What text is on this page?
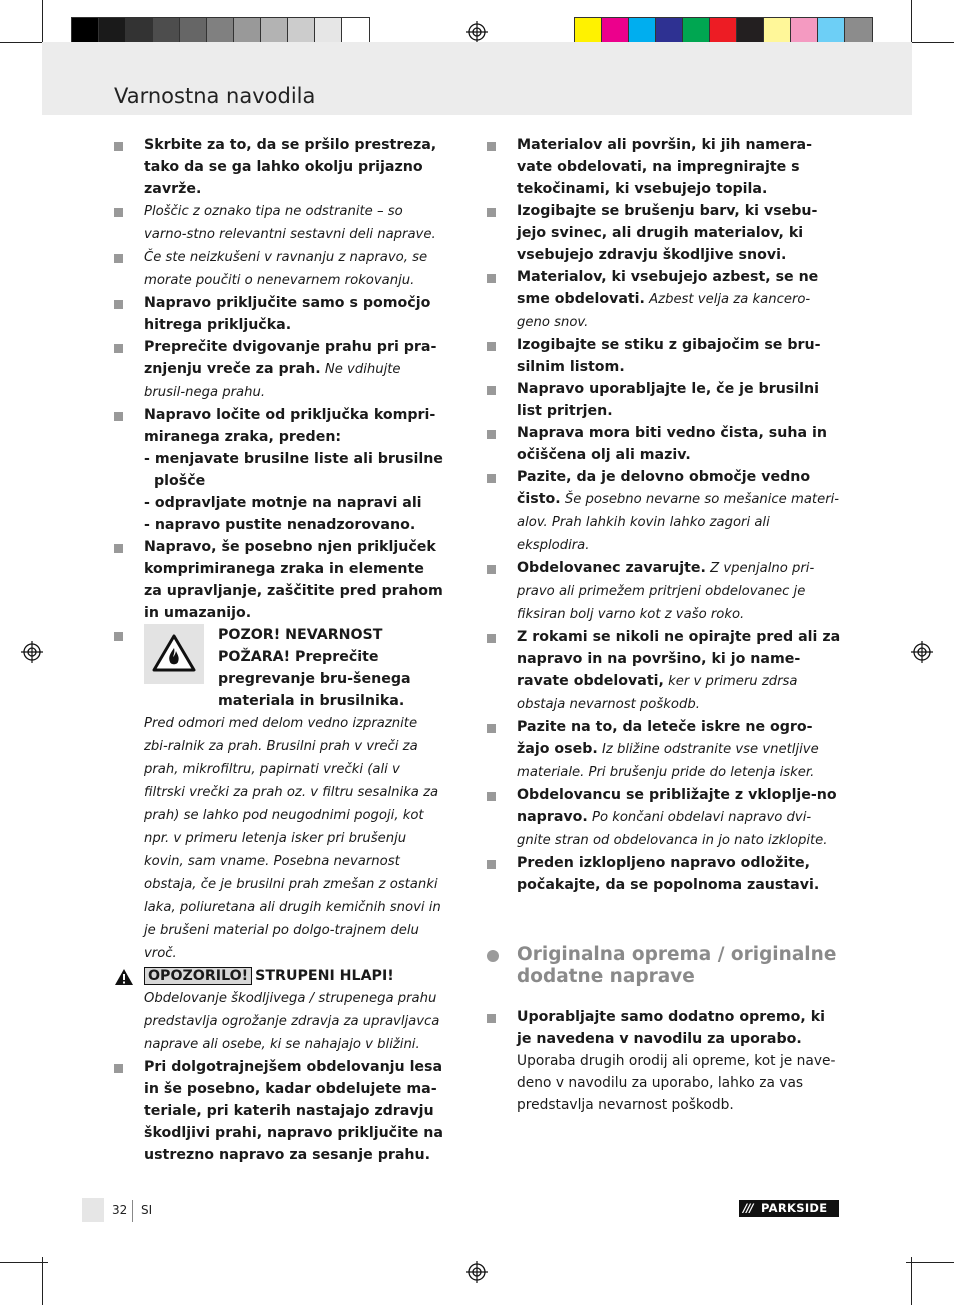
Varnostna navodila

Skrbite za to, da se pršilo prestreza, tako da se ga lahko okolju prijazno zavrže.

Ploščic z oznako tipa ne odstranite – so varno-stno relevantni sestavni deli naprave.

Če ste neizkušeni v ravnanju z napravo, se morate poučiti o nenevarnem rokovanju.

Napravo priključite samo s pomočjo hitrega priključka.

Preprečite dvigovanje prahu pri pra-znjenju vreče za prah. Ne vdihujte brusil-nega prahu.

Napravo ločite od priključka kompri-miranega zraka, preden:
- menjavate brusilne liste ali brusilne
plošče
- odpravljate motnje na napravi ali
- napravo pustite nenadzorovano.

Napravo, še posebno njen priključek komprimiranega zraka in elemente za upravljanje, zaščitite pred prahom in umazanijo.

POZOR! NEVARNOST POŽARA! Preprečite pregrevanje bru-šenega materiala in brusilnika.
Pred odmori med delom vedno izpraznite zbi-ralnik za prah. Brusilni prah v vreči za prah, mikrofiltru, papirnati vrečki (ali v filtrski vrečki za prah oz. v filtru sesalnika za prah) se lahko pod neugodnimi pogoji, kot npr. v primeru letenja isker pri brušenju kovin, sam vname. Posebna nevarnost obstaja, če je brusilni prah zmešan z ostanki laka, poliuretana ali drugih kemičnih snovi in je brušeni material po dolgo-trajnem delu vroč.
OPOZORILO! STRUPENI HLAPI!
Obdelovanje škodljivega / strupenega prahu predstavlja ogrožanje zdravja za upravljavca naprave ali osebe, ki se nahajajo v bližini.

Pri dolgotrajnejšem obdelovanju lesa in še posebno, kadar obdelujete ma-teriale, pri katerih nastajajo zdravju škodljivi prahi, napravo priključite na ustrezno napravo za sesanje prahu.

Materialov ali površin, ki jih namera-vate obdelovati, na impregnirajte s tekočinami, ki vsebujejo topila.

Izogibajte se brušenju barv, ki vsebu-jejo svinec, ali drugih materialov, ki vsebujejo zdravju škodljive snovi.

Materialov, ki vsebujejo azbest, se ne sme obdelovati. Azbest velja za kancero-geno snov.

Izogibajte se stiku z gibajočim se bru-silnim listom.

Napravo uporabljajte le, če je brusilni list pritrjen.

Naprava mora biti vedno čista, suha in očiščena olj ali maziv.

Pazite, da je delovno območje vedno čisto. Še posebno nevarne so mešanice materi-alov. Prah lahkih kovin lahko zagori ali eksplodira.

Obdelovanec zavarujte. Z vpenjalno pri-pravo ali primežem pritrjeni obdelovanec je fiksiran bolj varno kot z vašo roko.

Z rokami se nikoli ne opirajte pred ali za napravo in na površino, ki jo name-ravate obdelovati, ker v primeru zdrsa obstaja nevarnost poškodb.

Pazite na to, da leteče iskre ne ogro-žajo oseb. Iz bližine odstranite vse vnetljive materiale. Pri brušenju pride do letenja isker.

Obdelovancu se približajte z vkloplje-no napravo. Po končani obdelavi napravo dvi-gnite stran od obdelovanca in jo nato izklopite.

Preden izklopljeno napravo odložite, počakajte, da se popolnoma zaustavi.

Originalna oprema / originalne dodatne naprave

Uporabljajte samo dodatno opremo, ki je navedena v navodilu za uporabo.
Uporaba drugih orodij ali opreme, kot je nave-deno v navodilu za uporabo, lahko za vas predstavlja nevarnost poškodb.

32 SI	/// PARKSIDE
